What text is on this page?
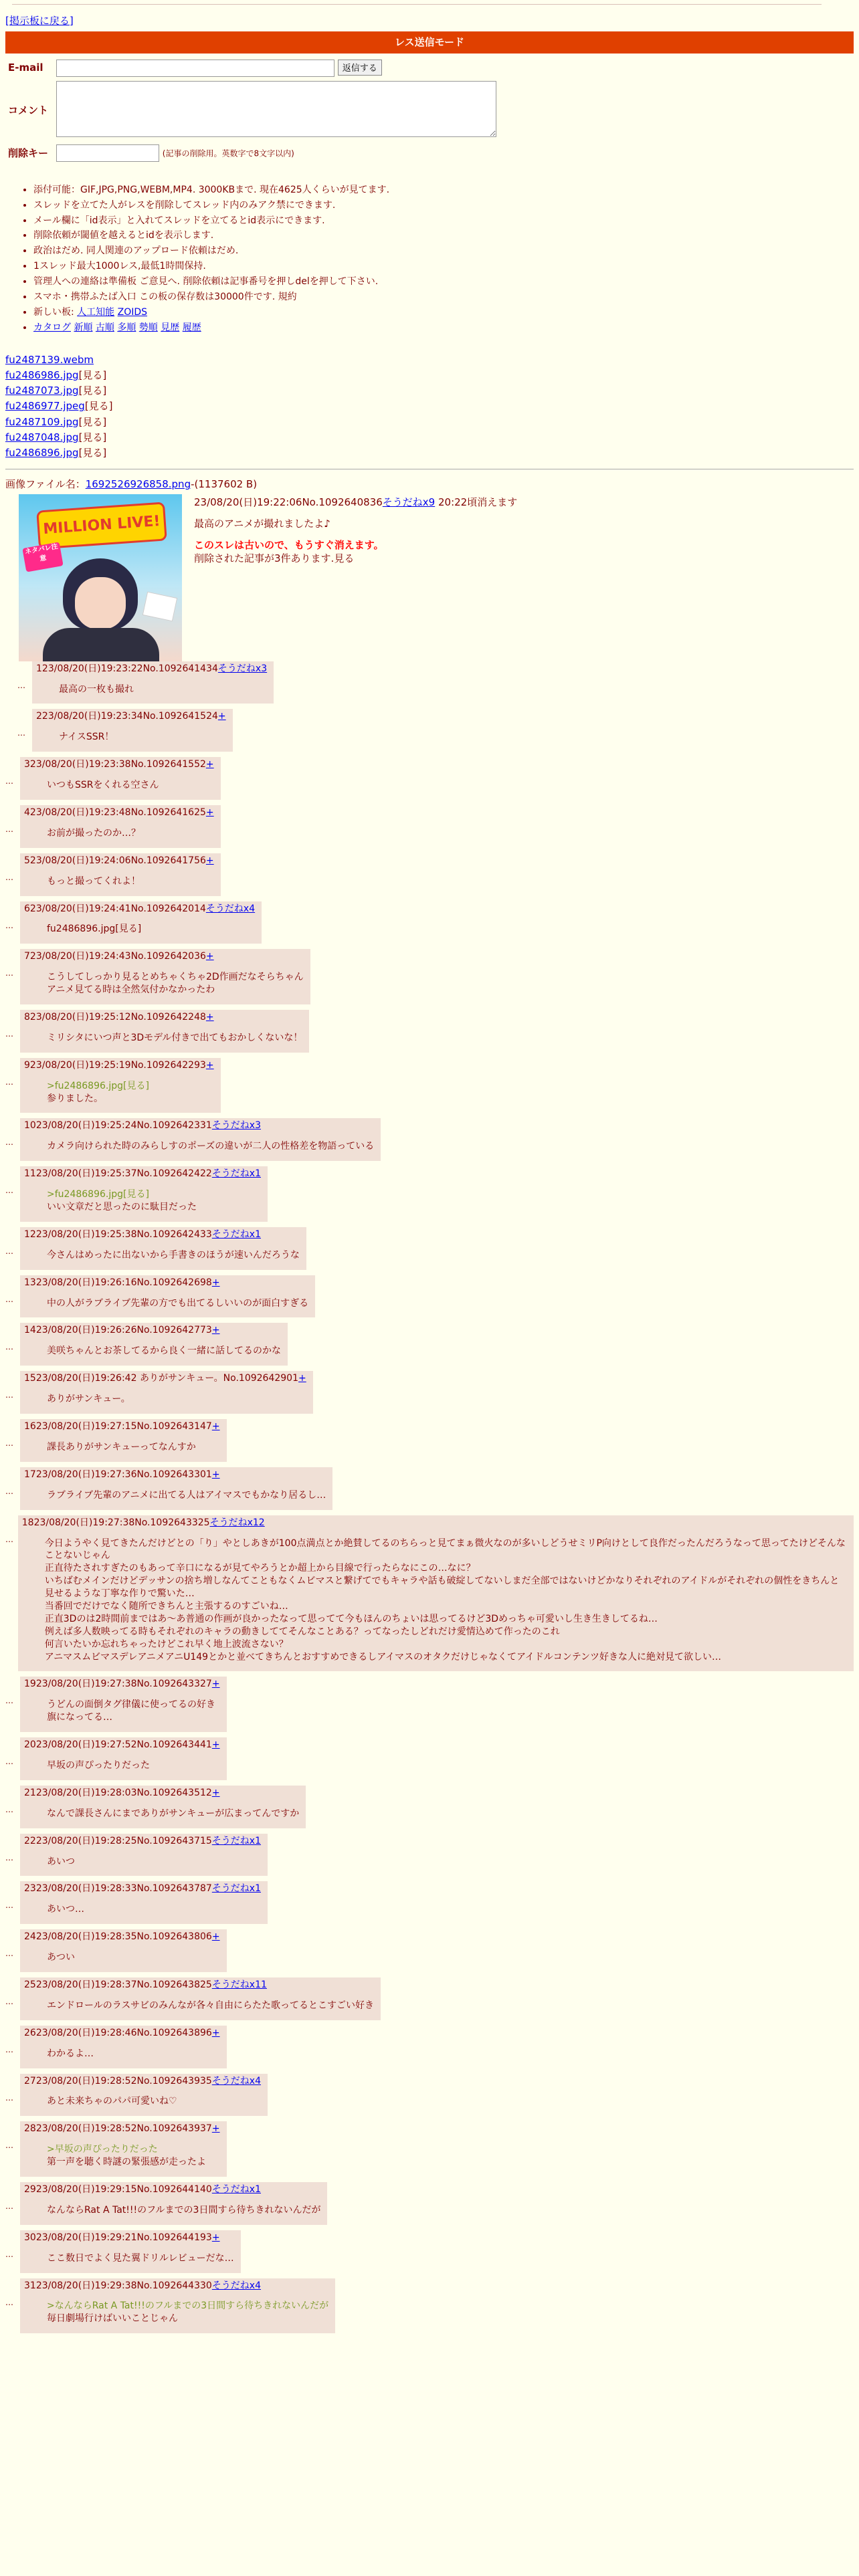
[掲示板に戻る]
レス送信モード
E-mail	返信する
コメント	
削除キー	(記事の削除用。英数字で8文字以内)
• 添付可能：GIF,JPG,PNG,WEBM,MP4. 3000KBまで. 現在4625人くらいが見てます.
• スレッドを立てた人がレスを削除してスレッド内のみアク禁にできます.
• メール欄に「id表示」と入れてスレッドを立てるとid表示にできます.
• 削除依頼が閾値を越えるとidを表示します.
• 政治はだめ. 同人関連のアップロード依頼はだめ.
• 1スレッド最大1000レス,最低1時間保持.
• 管理人への連絡は準備板 ご意見へ. 削除依頼は記事番号を押しdelを押して下さい.
• スマホ・携帯ふたば入口 この板の保存数は30000件です. 規約
• 新しい板: 人工知能 ZOIDS
• カタログ 新順 古順 多順 勢順 見歴 履歴
fu2487139.webm
fu2486986.jpg[見る]
fu2487073.jpg[見る]
fu2486977.jpeg[見る]
fu2487109.jpg[見る]
fu2487048.jpg[見る]
fu2486896.jpg[見る]
画像ファイル名：1692526926858.png-(1137602 B)
MILLION LIVE!
ネタバレ注意
23/08/20(日)19:22:06No.1092640836そうだねx9 20:22頃消えます
最高のアニメが撮れましたよ♪
このスレは古いので、もうすぐ消えます。
削除された記事が3件あります.見る
…
123/08/20(日)19:23:22No.1092641434そうだねx3
最高の一枚も撮れ
…
223/08/20(日)19:23:34No.1092641524+
ナイスSSR！
…
323/08/20(日)19:23:38No.1092641552+
いつもSSRをくれる空さん
…
423/08/20(日)19:23:48No.1092641625+
お前が撮ったのか…？
…
523/08/20(日)19:24:06No.1092641756+
もっと撮ってくれよ！
…
623/08/20(日)19:24:41No.1092642014そうだねx4
fu2486896.jpg[見る]
…
723/08/20(日)19:24:43No.1092642036+
こうしてしっかり見るとめちゃくちゃ2D作画だなそらちゃん
アニメ見てる時は全然気付かなかったわ
…
823/08/20(日)19:25:12No.1092642248+
ミリシタにいつ声と3Dモデル付きで出てもおかしくないな！
…
923/08/20(日)19:25:19No.1092642293+
>fu2486896.jpg[見る]
参りました。
…
1023/08/20(日)19:25:24No.1092642331そうだねx3
カメラ向けられた時のみらしすのポーズの違いが二人の性格差を物語っている
…
1123/08/20(日)19:25:37No.1092642422そうだねx1
>fu2486896.jpg[見る]
いい文章だと思ったのに駄目だった
…
1223/08/20(日)19:25:38No.1092642433そうだねx1
今さんはめったに出ないから手書きのほうが速いんだろうな
…
1323/08/20(日)19:26:16No.1092642698+
中の人がラブライブ先輩の方でも出てるしいいのが面白すぎる
…
1423/08/20(日)19:26:26No.1092642773+
美咲ちゃんとお茶してるから良く一緒に話してるのかな
…
1523/08/20(日)19:26:42 ありがサンキュー。No.1092642901+
ありがサンキュー。
…
1623/08/20(日)19:27:15No.1092643147+
課長ありがサンキューってなんすか
…
1723/08/20(日)19:27:36No.1092643301+
ラブライブ先輩のアニメに出てる人はアイマスでもかなり居るし…
…
1823/08/20(日)19:27:38No.1092643325そうだねx12
今日ようやく見てきたんだけどとの「り」やとしあきが100点満点とか絶賛してるのちらっと見てまぁ微火なのが多いしどうせミリP向けとして良作だったんだろうなって思ってたけどそんなことないじゃん
正直待たされすぎたのもあって辛口になるが見てやろうとか超上から目線で行ったらなにこの…なに？
いちばむメインだけどデッサンの捨ち増しなんてこともなくムビマスと繋げてでもキャラや話も破綻してないしまだ全部ではないけどかなりそれぞれのアイドルがそれぞれの個性をきちんと見せるような丁寧な作りで驚いた…
当番回でだけでなく随所できちんと主張するのすごいね…
正直3Dのは2時間前まではあ～あ普通の作画が良かったなって思ってて今もほんのちょいは思ってるけど3Dめっちゃ可愛いし生き生きしてるね…
例えば多人数映ってる時もそれぞれのキャラの動きしててそんなことある？ってなったしどれだけ愛情込めて作ったのこれ
何言いたいか忘れちゃったけどこれ早く地上波流さない？
アニマスムビマスデレアニメアニU149とかと並べてきちんとおすすめできるしアイマスのオタクだけじゃなくてアイドルコンテンツ好きな人に絶対見て欲しい…
…
1923/08/20(日)19:27:38No.1092643327+
うどんの面倒タグ律儀に使ってるの好き
旗になってる…
…
2023/08/20(日)19:27:52No.1092643441+
早坂の声ぴったりだった
…
2123/08/20(日)19:28:03No.1092643512+
なんで課長さんにまでありがサンキューが広まってんですか
…
2223/08/20(日)19:28:25No.1092643715そうだねx1
あいつ
…
2323/08/20(日)19:28:33No.1092643787そうだねx1
あいつ…
…
2423/08/20(日)19:28:35No.1092643806+
あつい
…
2523/08/20(日)19:28:37No.1092643825そうだねx11
エンドロールのラスサビのみんなが各々自由にらたた歌ってるとこすごい好き
…
2623/08/20(日)19:28:46No.1092643896+
わかるよ…
…
2723/08/20(日)19:28:52No.1092643935そうだねx4
あと未来ちゃのパパ可愛いね♡
…
2823/08/20(日)19:28:52No.1092643937+
>早坂の声ぴったりだった
第一声を聴く時謎の緊張感が走ったよ
…
2923/08/20(日)19:29:15No.1092644140そうだねx1
なんならRat A Tat!!!のフルまでの3日間すら待ちきれないんだが
…
3023/08/20(日)19:29:21No.1092644193+
ここ数日でよく見た翼ドリルレビューだな…
…
3123/08/20(日)19:29:38No.1092644330そうだねx4
>なんならRat A Tat!!!のフルまでの3日間すら待ちきれないんだが
毎日劇場行けばいいことじゃん
